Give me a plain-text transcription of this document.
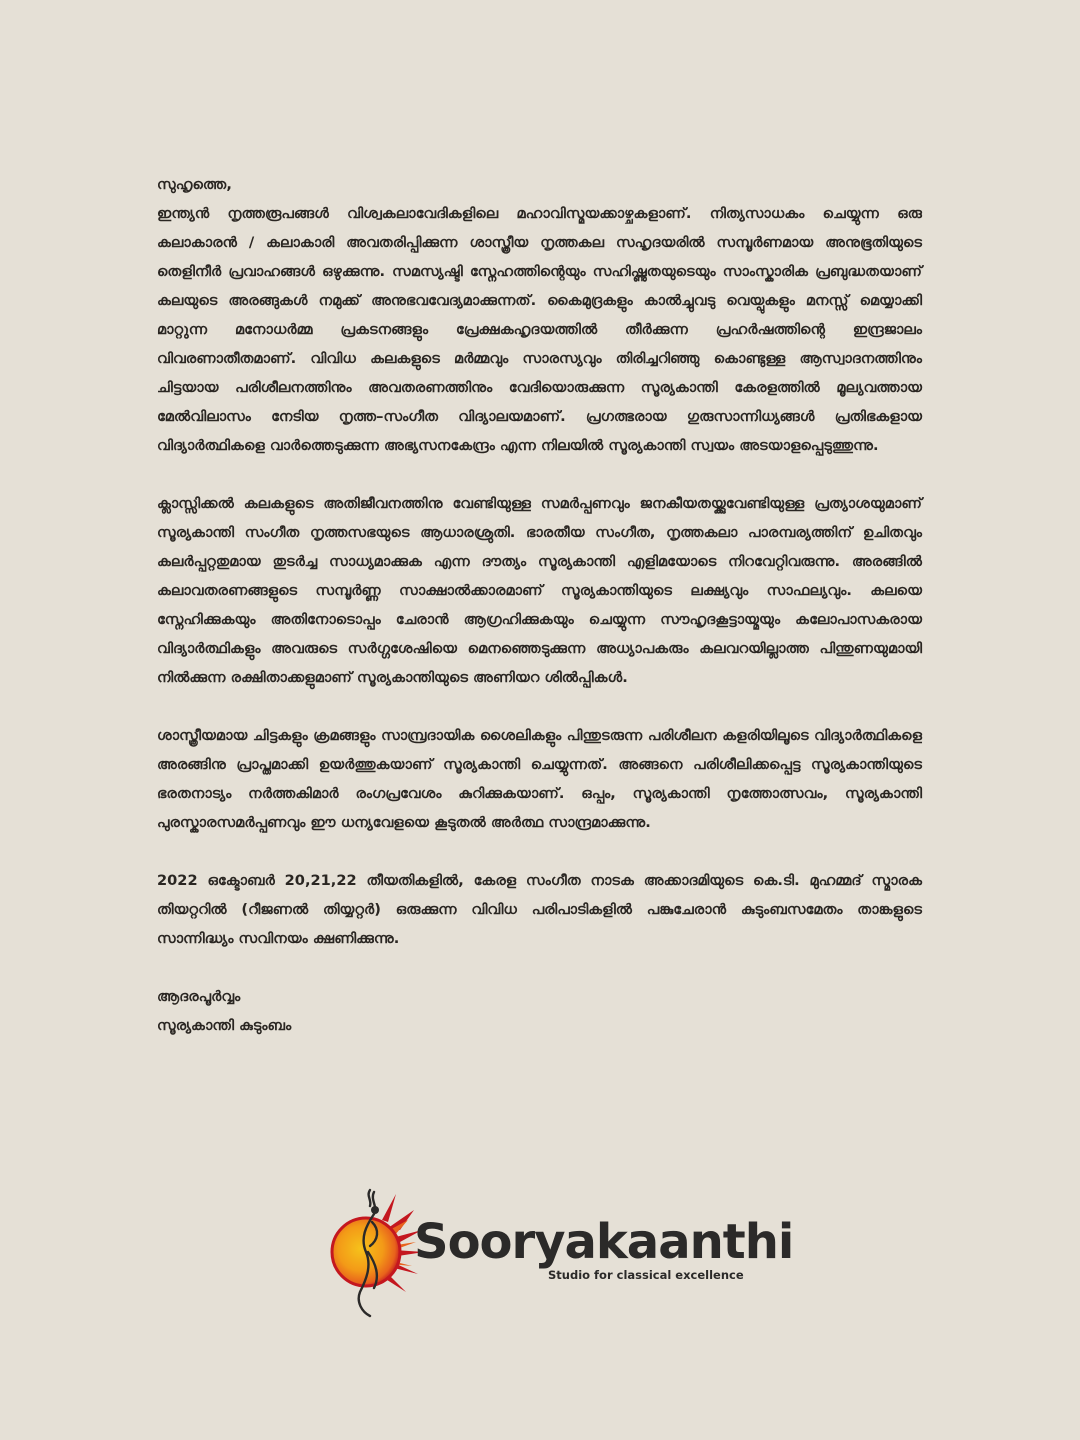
സുഹൃത്തെ,

ഇന്ത്യൻ നൃത്തരൂപങ്ങൾ വിശ്വകലാവേദികളിലെ മഹാവിസ്മയക്കാഴ്ചകളാണ്. നിത്യസാധകം ചെയ്യുന്ന ഒരു കലാകാരൻ / കലാകാരി അവതരിപ്പിക്കുന്ന ശാസ്ത്രീയ നൃത്തകല സഹൃദയരിൽ സമ്പൂർണമായ അനുഭൂതിയുടെ തെളിനീർ പ്രവാഹങ്ങൾ ഒഴുക്കുന്നു. സമസ്യഷ്ടി സ്നേഹത്തിന്റെയും സഹിഷ്ണുതയുടെയും സാംസ്കാരിക പ്രബുദ്ധതയാണ് കലയുടെ അരങ്ങുകൾ നമുക്ക് അനുഭവവേദ്യമാക്കുന്നത്. കൈമുദ്രകളും കാൽച്ചുവടു വെയ്പുകളും മനസ്സ് മെയ്യാക്കി മാറ്റുന്ന മനോധർമ്മ പ്രകടനങ്ങളും പ്രേക്ഷകഹൃദയത്തിൽ തീർക്കുന്ന പ്രഹർഷത്തിന്റെ ഇന്ദ്രജാലം വിവരണാതീതമാണ്. വിവിധ കലകളുടെ മർമ്മവും സാരസ്യവും തിരിച്ചറിഞ്ഞു കൊണ്ടുള്ള ആസ്വാദനത്തിനും ചിട്ടയായ പരിശീലനത്തിനും അവതരണത്തിനും വേദിയൊരുക്കുന്ന സൂര്യകാന്തി കേരളത്തിൽ മൂല്യവത്തായ മേൽവിലാസം നേടിയ നൃത്ത–സംഗീത വിദ്യാലയമാണ്. പ്രഗത്ഭരായ ഗുരുസാന്നിധ്യങ്ങൾ പ്രതിഭകളായ വിദ്യാർത്ഥികളെ വാർത്തെടുക്കുന്ന അഭ്യസനകേന്ദ്രം എന്ന നിലയിൽ സൂര്യകാന്തി സ്വയം അടയാളപ്പെടുത്തുന്നു.

ക്ലാസ്സിക്കൽ കലകളുടെ അതിജീവനത്തിനു വേണ്ടിയുള്ള സമർപ്പണവും ജനകീയതയ്ക്കുവേണ്ടിയുള്ള പ്രത്യാശയുമാണ് സൂര്യകാന്തി സംഗീത നൃത്തസഭയുടെ ആധാരശ്രുതി. ഭാരതീയ സംഗീത, നൃത്തകലാ പാരമ്പര്യത്തിന് ഉചിതവും കലർപ്പറ്റതുമായ തുടർച്ച സാധ്യമാക്കുക എന്ന ദൗത്യം സൂര്യകാന്തി എളിമയോടെ നിറവേറ്റിവരുന്നു. അരങ്ങിൽ കലാവതരണങ്ങളുടെ സമ്പൂർണ്ണ സാക്ഷാൽക്കാരമാണ് സൂര്യകാന്തിയുടെ ലക്ഷ്യവും സാഫല്യവും. കലയെ സ്നേഹിക്കുകയും അതിനോടൊപ്പം ചേരാൻ ആഗ്രഹിക്കുകയും ചെയ്യുന്ന സൗഹൃദകൂട്ടായ്മയും കലോപാസകരായ വിദ്യാർത്ഥികളും അവരുടെ സർഗ്ഗശേഷിയെ മെനഞ്ഞെടുക്കുന്ന അധ്യാപകരും കലവറയില്ലാത്ത പിന്തുണയുമായി നിൽക്കുന്ന രക്ഷിതാക്കളുമാണ് സൂര്യകാന്തിയുടെ അണിയറ ശിൽപ്പികൾ.

ശാസ്ത്രീയമായ ചിട്ടകളും ക്രമങ്ങളും സാമ്പ്രദായിക ശൈലികളും പിന്തുടരുന്ന പരിശീലന കളരിയിലൂടെ വിദ്യാർത്ഥികളെ അരങ്ങിനു പ്രാപ്തമാക്കി ഉയർത്തുകയാണ് സൂര്യകാന്തി ചെയ്യുന്നത്. അങ്ങനെ പരിശീലിക്കപ്പെട്ട സൂര്യകാന്തിയുടെ ഭരതനാട്യം നർത്തകിമാർ രംഗപ്രവേശം കുറിക്കുകയാണ്. ഒപ്പം, സൂര്യകാന്തി നൃത്തോത്സവം, സൂര്യകാന്തി പുരസ്കാരസമർപ്പണവും ഈ ധന്യവേളയെ കൂടുതൽ അർത്ഥ സാന്ദ്രമാക്കുന്നു.

2022 ഒക്ടോബർ 20,21,22 തീയതികളിൽ, കേരള സംഗീത നാടക അക്കാദമിയുടെ കെ.ടി. മുഹമ്മദ് സ്മാരക തിയറ്ററിൽ (റീജണൽ തിയ്യറ്റർ) ഒരുക്കുന്ന വിവിധ പരിപാടികളിൽ പങ്കുചേരാൻ കുടുംബസമേതം താങ്കളുടെ സാന്നിദ്ധ്യം സവിനയം ക്ഷണിക്കുന്നു.

ആദരപൂർവ്വം

സൂര്യകാന്തി കുടുംബം

Sooryakaanthi
Studio for classical excellence
